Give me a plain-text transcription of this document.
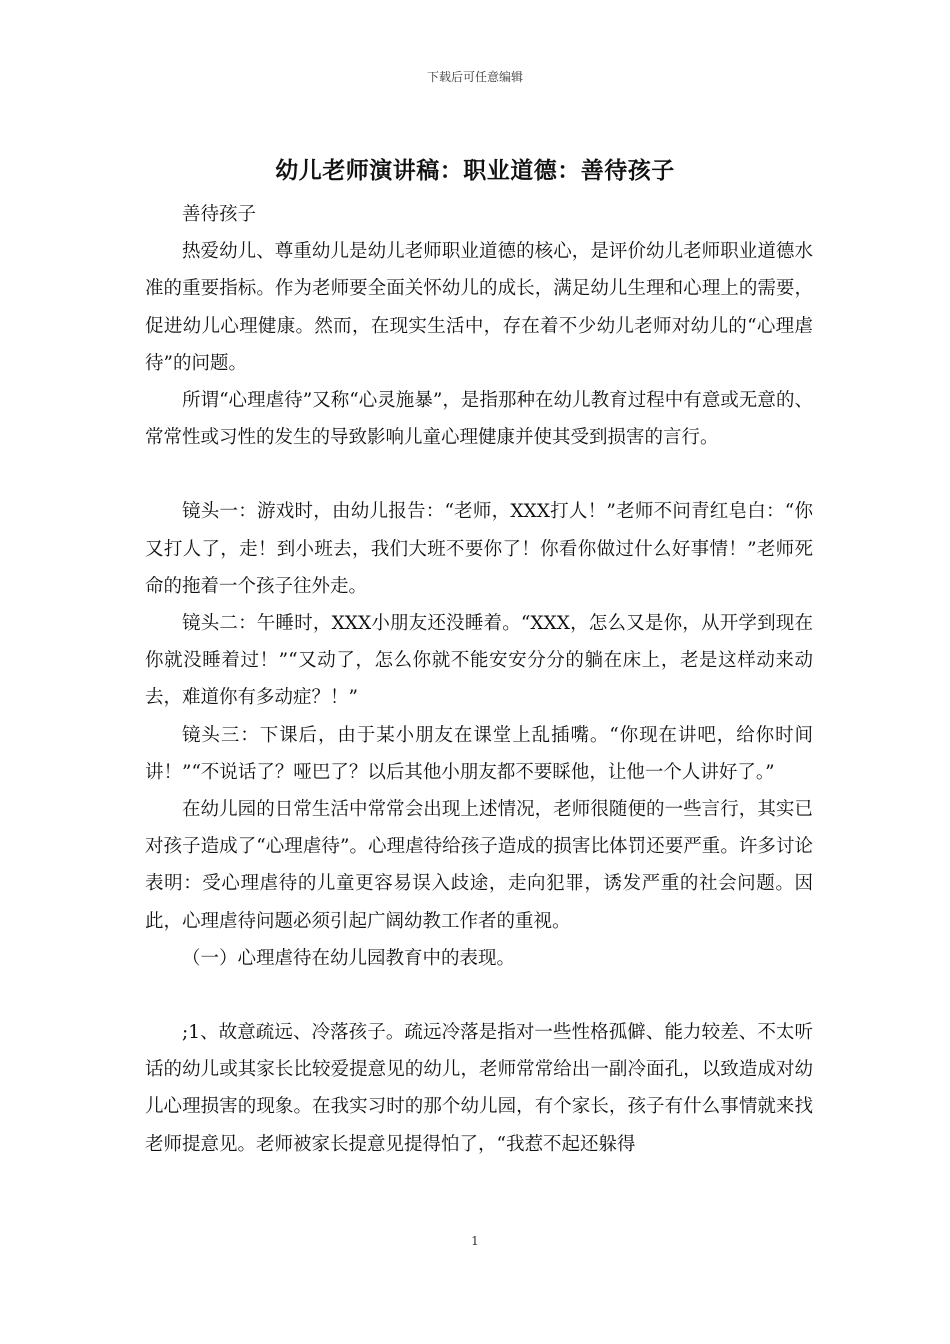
下载后可任意编辑
幼儿老师演讲稿：职业道德：善待孩子

善待孩子

热爱幼儿、尊重幼儿是幼儿老师职业道德的核心，是评价幼儿老师职业道德水准的重要指标。作为老师要全面关怀幼儿的成长，满足幼儿生理和心理上的需要，促进幼儿心理健康。然而，在现实生活中，存在着不少幼儿老师对幼儿的“心理虐待”的问题。

所谓“心理虐待”又称“心灵施暴”，是指那种在幼儿教育过程中有意或无意的、常常性或习性的发生的导致影响儿童心理健康并使其受到损害的言行。

镜头一：游戏时，由幼儿报告：“老师，XXX打人！”老师不问青红皂白：“你又打人了，走！到小班去，我们大班不要你了！你看你做过什么好事情！”老师死命的拖着一个孩子往外走。

镜头二：午睡时，XXX小朋友还没睡着。“XXX，怎么又是你，从开学到现在你就没睡着过！”“又动了，怎么你就不能安安分分的躺在床上，老是这样动来动去，难道你有多动症？！”

镜头三：下课后，由于某小朋友在课堂上乱插嘴。“你现在讲吧，给你时间讲！”“不说话了？哑巴了？以后其他小朋友都不要睬他，让他一个人讲好了。”

在幼儿园的日常生活中常常会出现上述情况，老师很随便的一些言行，其实已对孩子造成了“心理虐待”。心理虐待给孩子造成的损害比体罚还要严重。许多讨论表明：受心理虐待的儿童更容易误入歧途，走向犯罪，诱发严重的社会问题。因此，心理虐待问题必须引起广阔幼教工作者的重视。

（一）心理虐待在幼儿园教育中的表现。

;1、故意疏远、冷落孩子。疏远冷落是指对一些性格孤僻、能力较差、不太听话的幼儿或其家长比较爱提意见的幼儿，老师常常给出一副冷面孔，以致造成对幼儿心理损害的现象。在我实习时的那个幼儿园，有个家长，孩子有什么事情就来找老师提意见。老师被家长提意见提得怕了，“我惹不起还躲得

1
